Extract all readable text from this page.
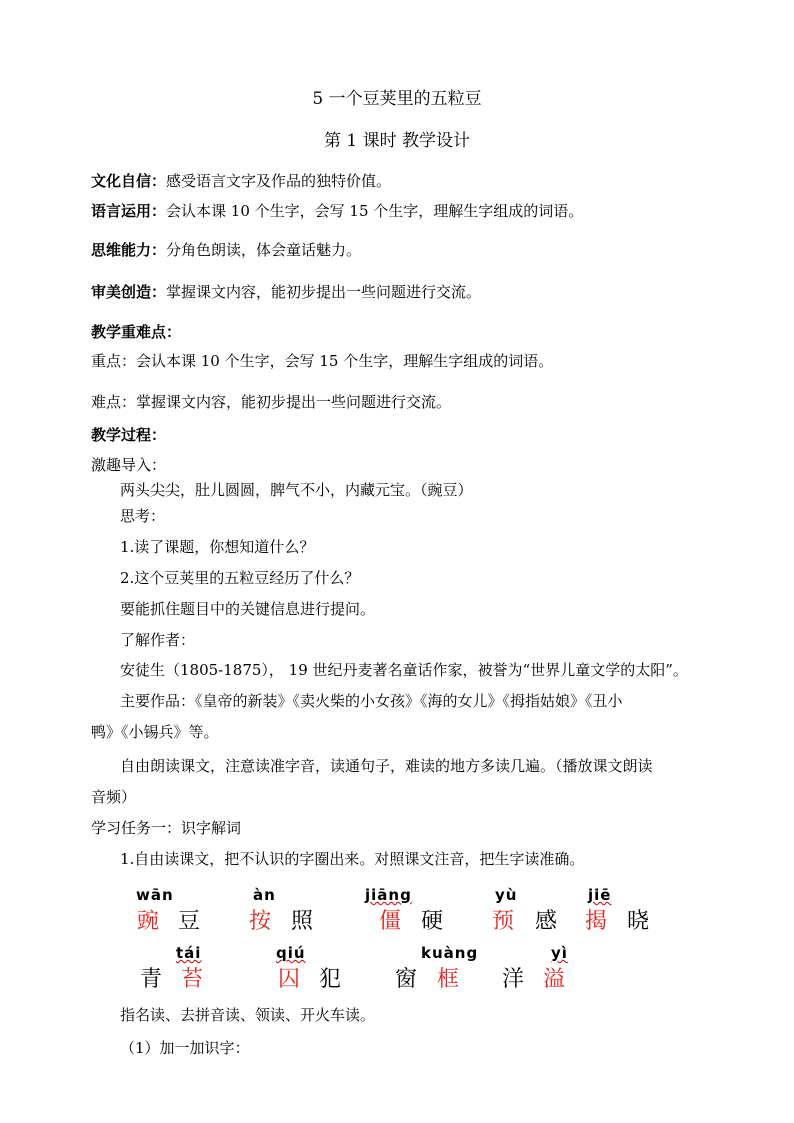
5 一个豆荚里的五粒豆
第 1 课时 教学设计
文化自信：感受语言文字及作品的独特价值。
语言运用：会认本课 10 个生字，会写 15 个生字，理解生字组成的词语。
思维能力：分角色朗读，体会童话魅力。
审美创造：掌握课文内容，能初步提出一些问题进行交流。
教学重难点：
重点：会认本课 10 个生字，会写 15 个生字，理解生字组成的词语。
难点：掌握课文内容，能初步提出一些问题进行交流。
教学过程：
激趣导入：
两头尖尖，肚儿圆圆，脾气不小，内藏元宝。（豌豆）
思考：
1.读了课题，你想知道什么？
2.这个豆荚里的五粒豆经历了什么？
要能抓住题目中的关键信息进行提问。
了解作者：
安徒生（1805-1875）， 19 世纪丹麦著名童话作家，被誉为“世界儿童文学的太阳”。
主要作品：《皇帝的新装》《卖火柴的小女孩》《海的女儿》《拇指姑娘》《丑小
鸭》《小锡兵》等。
自由朗读课文，注意读准字音，读通句子，难读的地方多读几遍。（播放课文朗读
音频）
学习任务一：识字解词
1.自由读课文，把不认识的字圈出来。对照课文注音，把生字读准确。
wān
豌 豆
àn
按 照
jiāng
僵 硬
yù
预 感
jiē
揭 晓
tái
青 苔
qiú
囚 犯
kuàng
窗 框
yì
洋 溢
指名读、去拼音读、领读、开火车读。
（1）加一加识字：
